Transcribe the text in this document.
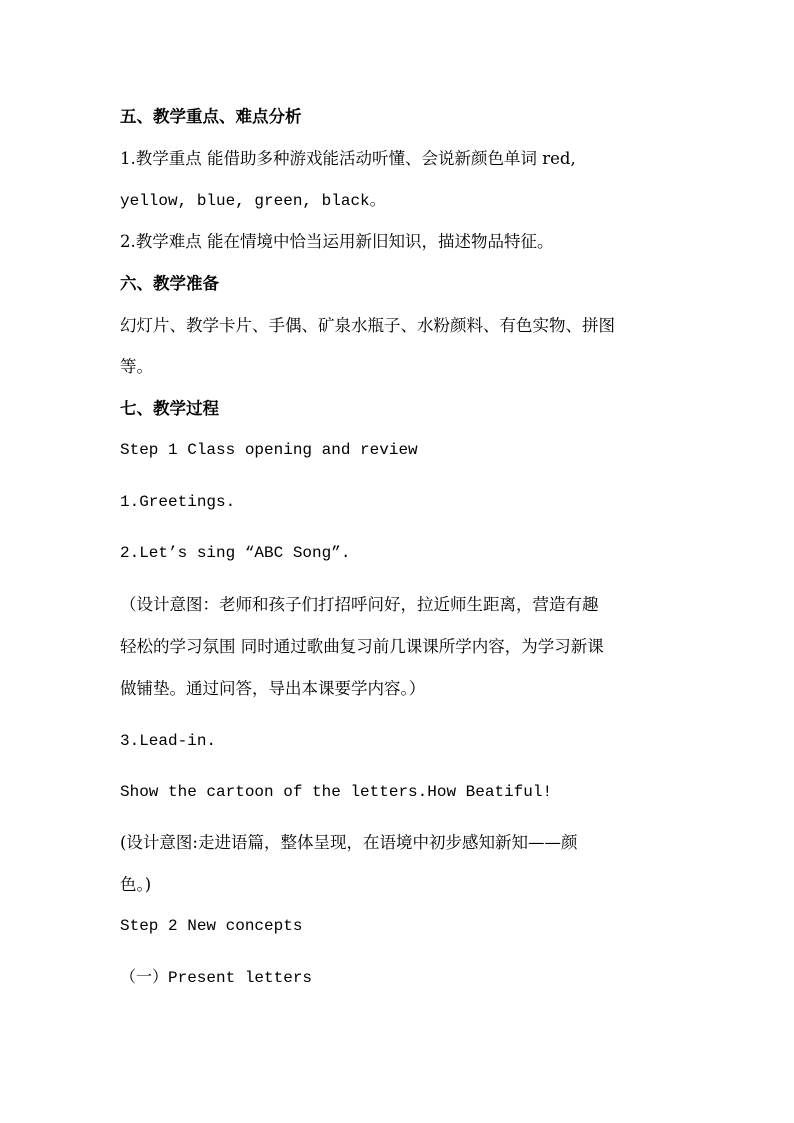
五、教学重点、难点分析
1.教学重点 能借助多种游戏能活动听懂、会说新颜色单词 red,
yellow, blue, green, black。
2.教学难点 能在情境中恰当运用新旧知识，描述物品特征。
六、教学准备
幻灯片、教学卡片、手偶、矿泉水瓶子、水粉颜料、有色实物、拼图
等。
七、教学过程
Step 1 Class opening and review
1.Greetings.
2.Let’s sing “ABC Song”.
（设计意图：老师和孩子们打招呼问好，拉近师生距离，营造有趣
轻松的学习氛围 同时通过歌曲复习前几课课所学内容，为学习新课
做铺垫。通过问答，导出本课要学内容。）
3.Lead-in.
Show the cartoon of the letters.How Beatiful!
(设计意图:走进语篇，整体呈现，在语境中初步感知新知——颜
色。)
Step 2 New concepts
（一）Present letters
